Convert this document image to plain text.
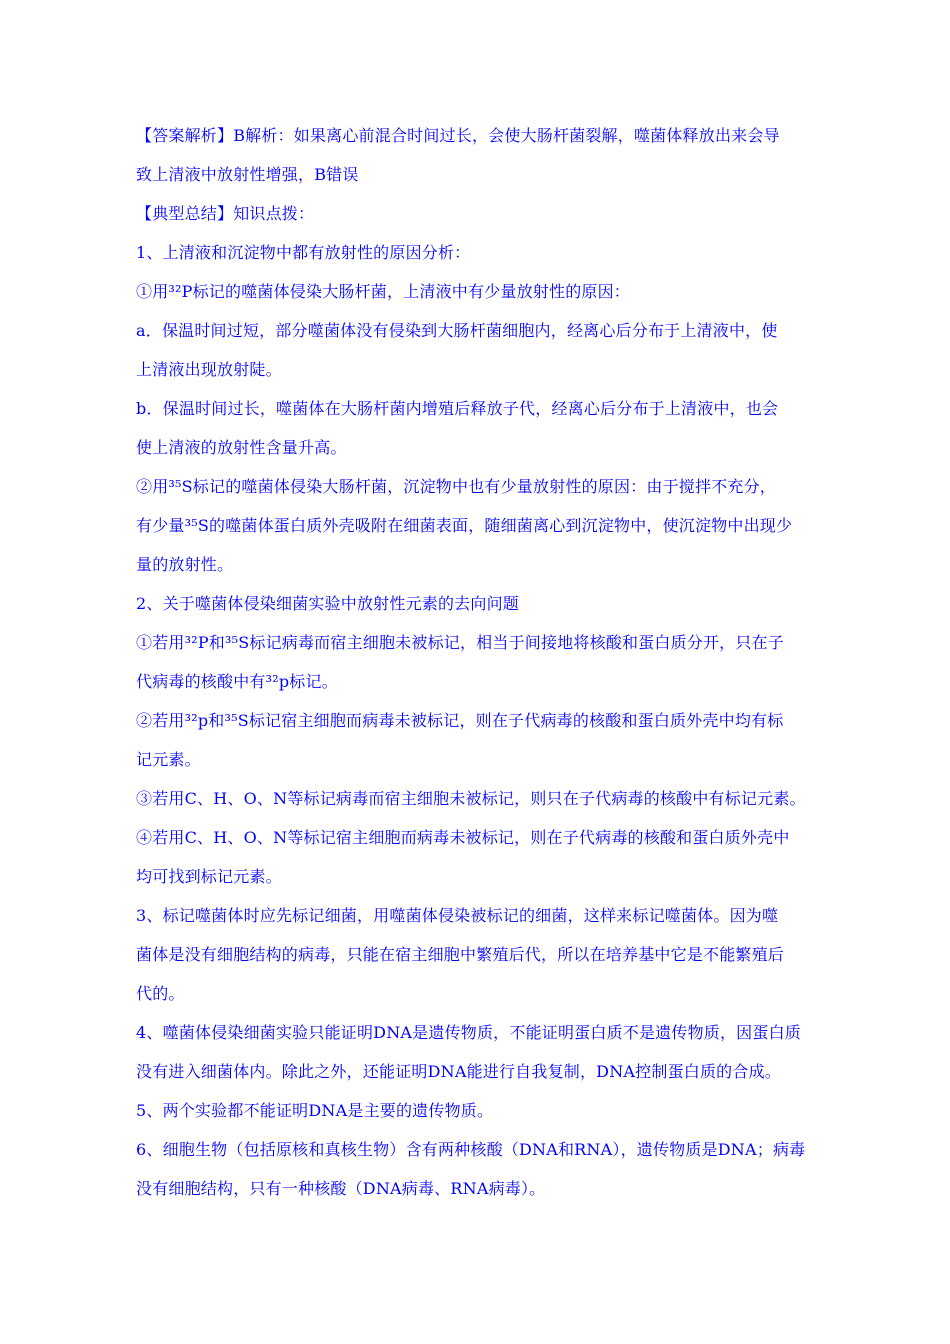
【答案解析】B解析：如果离心前混合时间过长，会使大肠杆菌裂解，噬菌体释放出来会导
致上清液中放射性增强，B错误
【典型总结】知识点拨：
1、上清液和沉淀物中都有放射性的原因分析：
①用³²P标记的噬菌体侵染大肠杆菌，上清液中有少量放射性的原因：
a．保温时间过短，部分噬菌体没有侵染到大肠杆菌细胞内，经离心后分布于上清液中，使
上清液出现放射陡。
b．保温时间过长，噬菌体在大肠杆菌内增殖后释放子代，经离心后分布于上清液中，也会
使上清液的放射性含量升高。
②用³⁵S标记的噬菌体侵染大肠杆菌，沉淀物中也有少量放射性的原因：由于搅拌不充分，
有少量³⁵S的噬菌体蛋白质外壳吸附在细菌表面，随细菌离心到沉淀物中，使沉淀物中出现少
量的放射性。
2、关于噬菌体侵染细菌实验中放射性元素的去向问题
①若用³²P和³⁵S标记病毒而宿主细胞未被标记，相当于间接地将核酸和蛋白质分开，只在子
代病毒的核酸中有³²p标记。
②若用³²p和³⁵S标记宿主细胞而病毒未被标记，则在子代病毒的核酸和蛋白质外壳中均有标
记元素。
③若用C、H、O、N等标记病毒而宿主细胞未被标记，则只在子代病毒的核酸中有标记元素。
④若用C、H、O、N等标记宿主细胞而病毒未被标记，则在子代病毒的核酸和蛋白质外壳中
均可找到标记元素。
3、标记噬菌体时应先标记细菌，用噬菌体侵染被标记的细菌，这样来标记噬菌体。因为噬
菌体是没有细胞结构的病毒，只能在宿主细胞中繁殖后代，所以在培养基中它是不能繁殖后
代的。
4、噬菌体侵染细菌实验只能证明DNA是遗传物质，不能证明蛋白质不是遗传物质，因蛋白质
没有进入细菌体内。除此之外，还能证明DNA能进行自我复制，DNA控制蛋白质的合成。
5、两个实验都不能证明DNA是主要的遗传物质。
6、细胞生物（包括原核和真核生物）含有两种核酸（DNA和RNA），遗传物质是DNA；病毒
没有细胞结构，只有一种核酸（DNA病毒、RNA病毒）。
